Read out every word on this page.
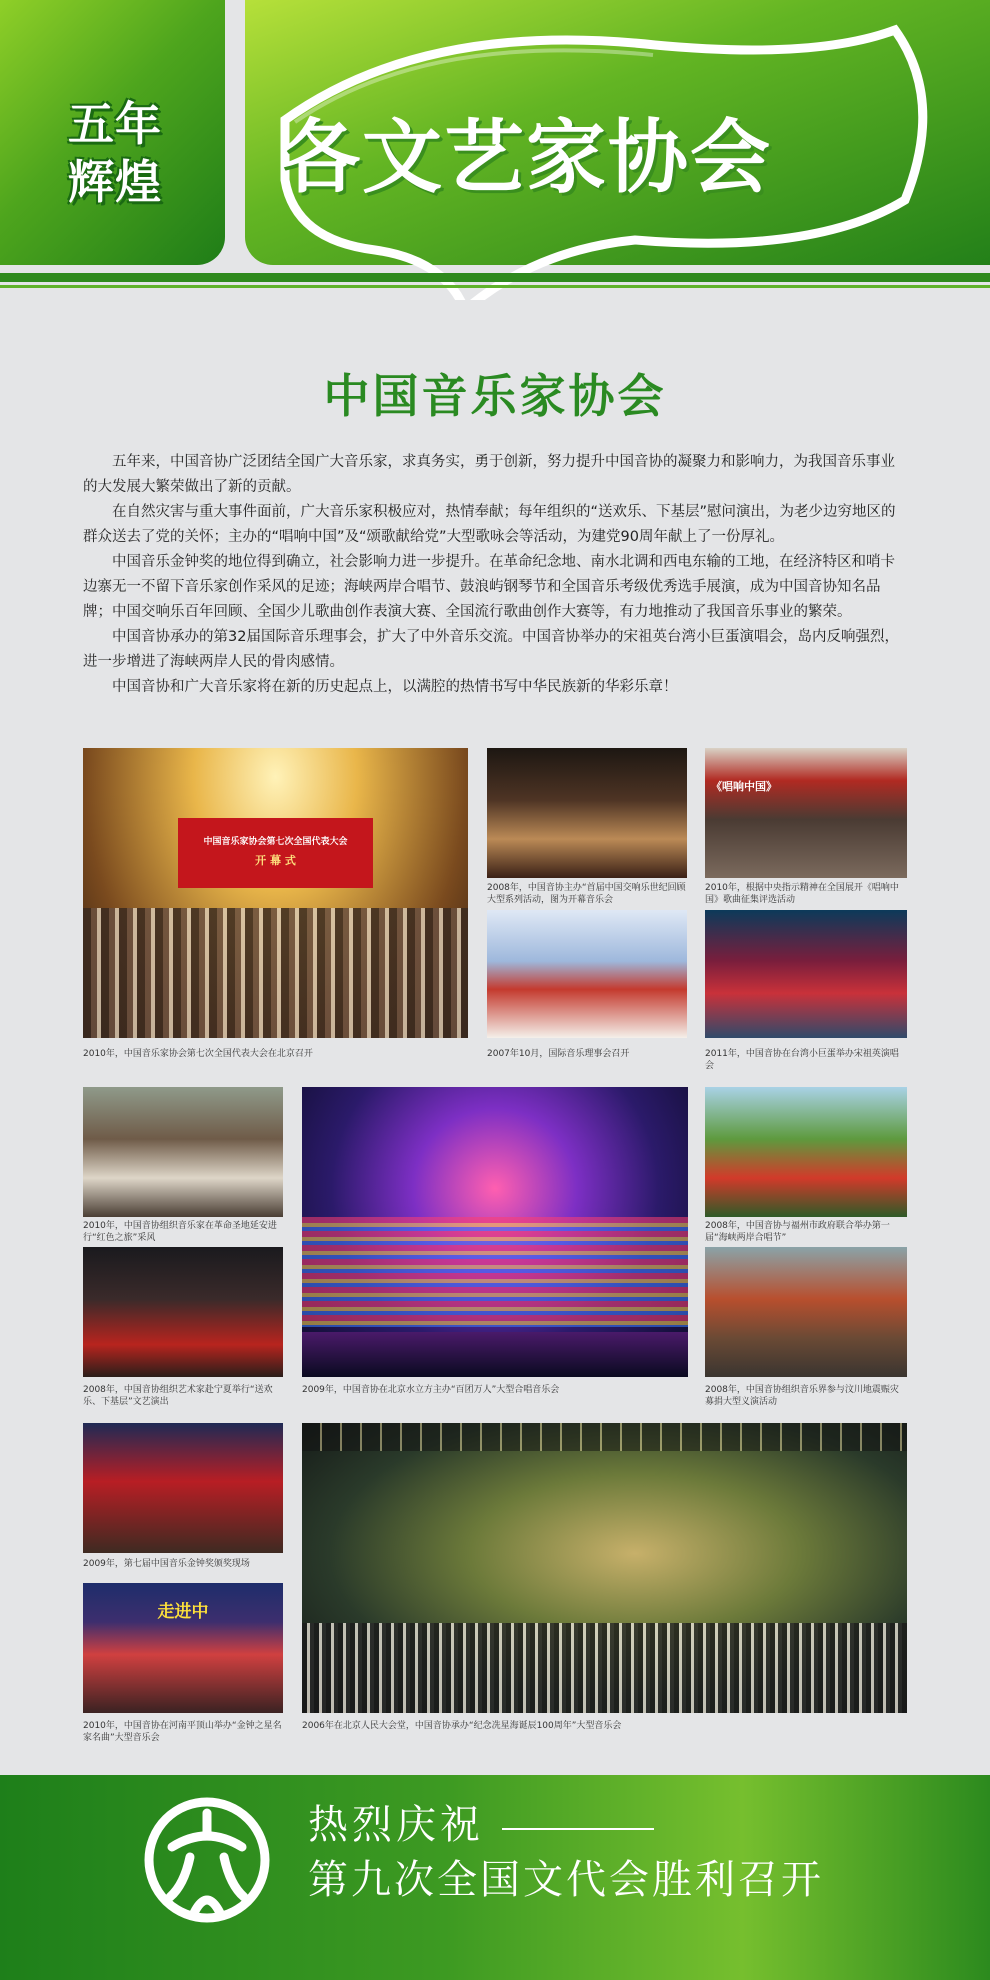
五年
辉煌	各文艺家协会
中国音乐家协会

五年来，中国音协广泛团结全国广大音乐家，求真务实，勇于创新，努力提升中国音协的凝聚力和影响力，为我国音乐事业的大发展大繁荣做出了新的贡献。

在自然灾害与重大事件面前，广大音乐家积极应对，热情奉献；每年组织的“送欢乐、下基层”慰问演出，为老少边穷地区的群众送去了党的关怀；主办的“唱响中国”及“颂歌献给党”大型歌咏会等活动，为建党90周年献上了一份厚礼。

中国音乐金钟奖的地位得到确立，社会影响力进一步提升。在革命纪念地、南水北调和西电东输的工地，在经济特区和哨卡边寨无一不留下音乐家创作采风的足迹；海峡两岸合唱节、鼓浪屿钢琴节和全国音乐考级优秀选手展演，成为中国音协知名品牌；中国交响乐百年回顾、全国少儿歌曲创作表演大赛、全国流行歌曲创作大赛等，有力地推动了我国音乐事业的繁荣。

中国音协承办的第32届国际音乐理事会，扩大了中外音乐交流。中国音协举办的宋祖英台湾小巨蛋演唱会，岛内反响强烈，进一步增进了海峡两岸人民的骨肉感情。

中国音协和广大音乐家将在新的历史起点上，以满腔的热情书写中华民族新的华彩乐章！

中国音乐家协会第七次全国代表大会
开 幕 式
2010年，中国音乐家协会第七次全国代表大会在北京召开
2008年，中国音协主办“首届中国交响乐世纪回顾大型系列活动，图为开幕音乐会
《唱响中国》
2010年，根据中央指示精神在全国展开《唱响中国》歌曲征集评选活动
2007年10月，国际音乐理事会召开	2011年，中国音协在台湾小巨蛋举办宋祖英演唱会
2010年，中国音协组织音乐家在革命圣地延安进行“红色之旅”采风
2009年，中国音协在北京水立方主办“百团万人”大型合唱音乐会
2008年，中国音协与福州市政府联合举办第一届“海峡两岸合唱节”
2008年，中国音协组织艺术家赴宁夏举行“送欢乐、下基层”文艺演出
2008年，中国音协组织音乐界参与汶川地震赈灾募捐大型义演活动
2009年，第七届中国音乐金钟奖颁奖现场
2006年在北京人民大会堂，中国音协承办“纪念冼星海诞辰100周年”大型音乐会
走进中
2010年，中国音协在河南平顶山举办“金钟之星名家名曲”大型音乐会
热烈庆祝
第九次全国文代会胜利召开
